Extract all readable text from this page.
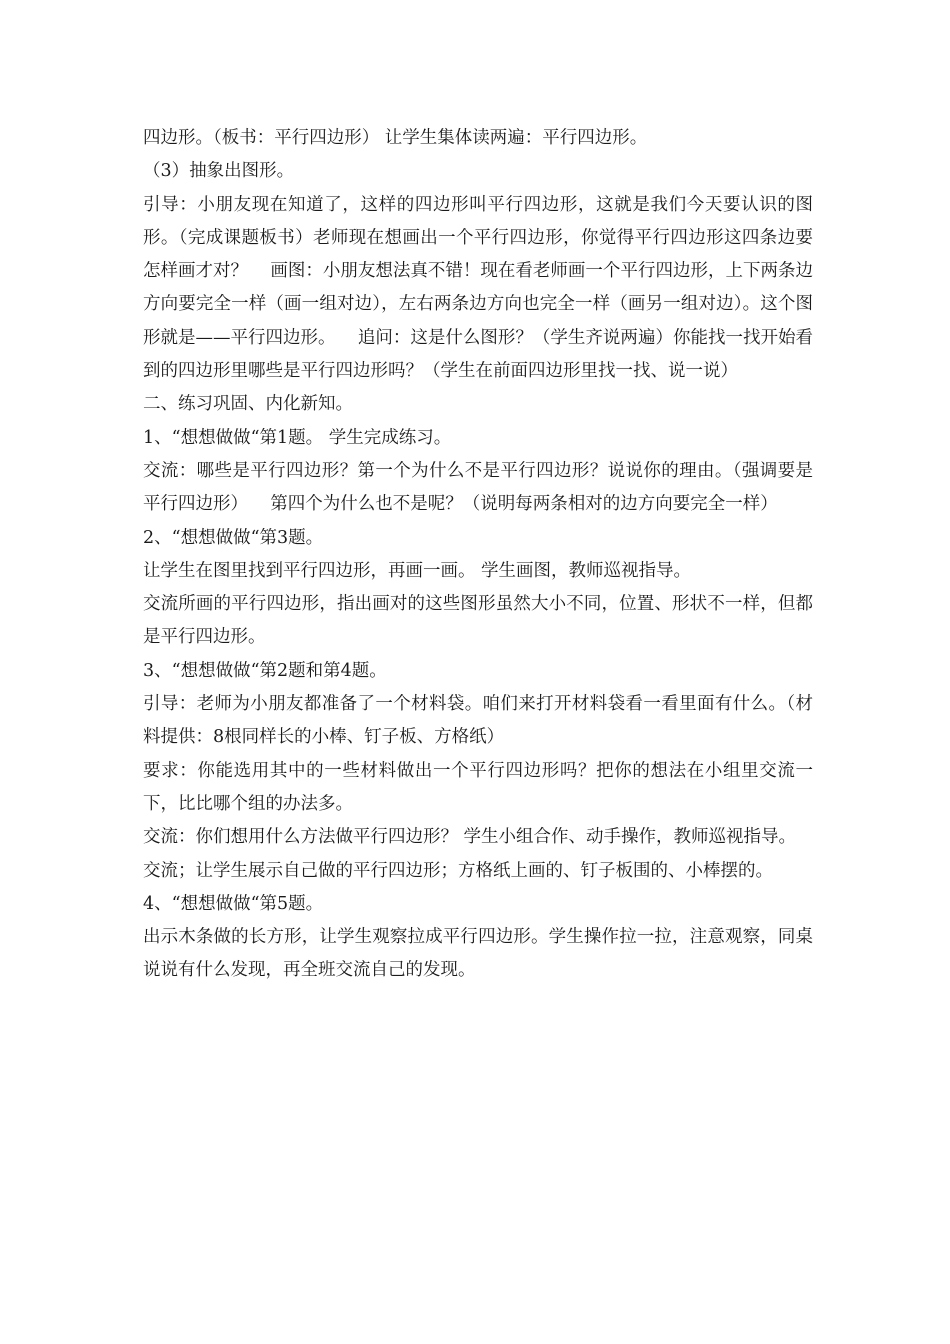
四边形。（板书：平行四边形） 让学生集体读两遍：平行四边形。

（3）抽象出图形。

引导：小朋友现在知道了，这样的四边形叫平行四边形，这就是我们今天要认识的图形。（完成课题板书）老师现在想画出一个平行四边形，你觉得平行四边形这四条边要怎样画才对？    画图：小朋友想法真不错！现在看老师画一个平行四边形，上下两条边方向要完全一样（画一组对边），左右两条边方向也完全一样（画另一组对边）。这个图形就是——平行四边形。    追问：这是什么图形？（学生齐说两遍）你能找一找开始看到的四边形里哪些是平行四边形吗？（学生在前面四边形里找一找、说一说）

二、练习巩固、内化新知。

1、“想想做做“第1题。 学生完成练习。

交流：哪些是平行四边形？第一个为什么不是平行四边形？说说你的理由。（强调要是平行四边形）    第四个为什么也不是呢？（说明每两条相对的边方向要完全一样）

2、“想想做做“第3题。

让学生在图里找到平行四边形，再画一画。 学生画图，教师巡视指导。

交流所画的平行四边形，指出画对的这些图形虽然大小不同，位置、形状不一样，但都是平行四边形。

3、“想想做做“第2题和第4题。

引导：老师为小朋友都准备了一个材料袋。咱们来打开材料袋看一看里面有什么。（材料提供：8根同样长的小棒、钉子板、方格纸）

要求：你能选用其中的一些材料做出一个平行四边形吗？把你的想法在小组里交流一下，比比哪个组的办法多。

交流：你们想用什么方法做平行四边形？ 学生小组合作、动手操作，教师巡视指导。

交流；让学生展示自己做的平行四边形；方格纸上画的、钉子板围的、小棒摆的。

4、“想想做做“第5题。

出示木条做的长方形，让学生观察拉成平行四边形。学生操作拉一拉，注意观察，同桌说说有什么发现，再全班交流自己的发现。
